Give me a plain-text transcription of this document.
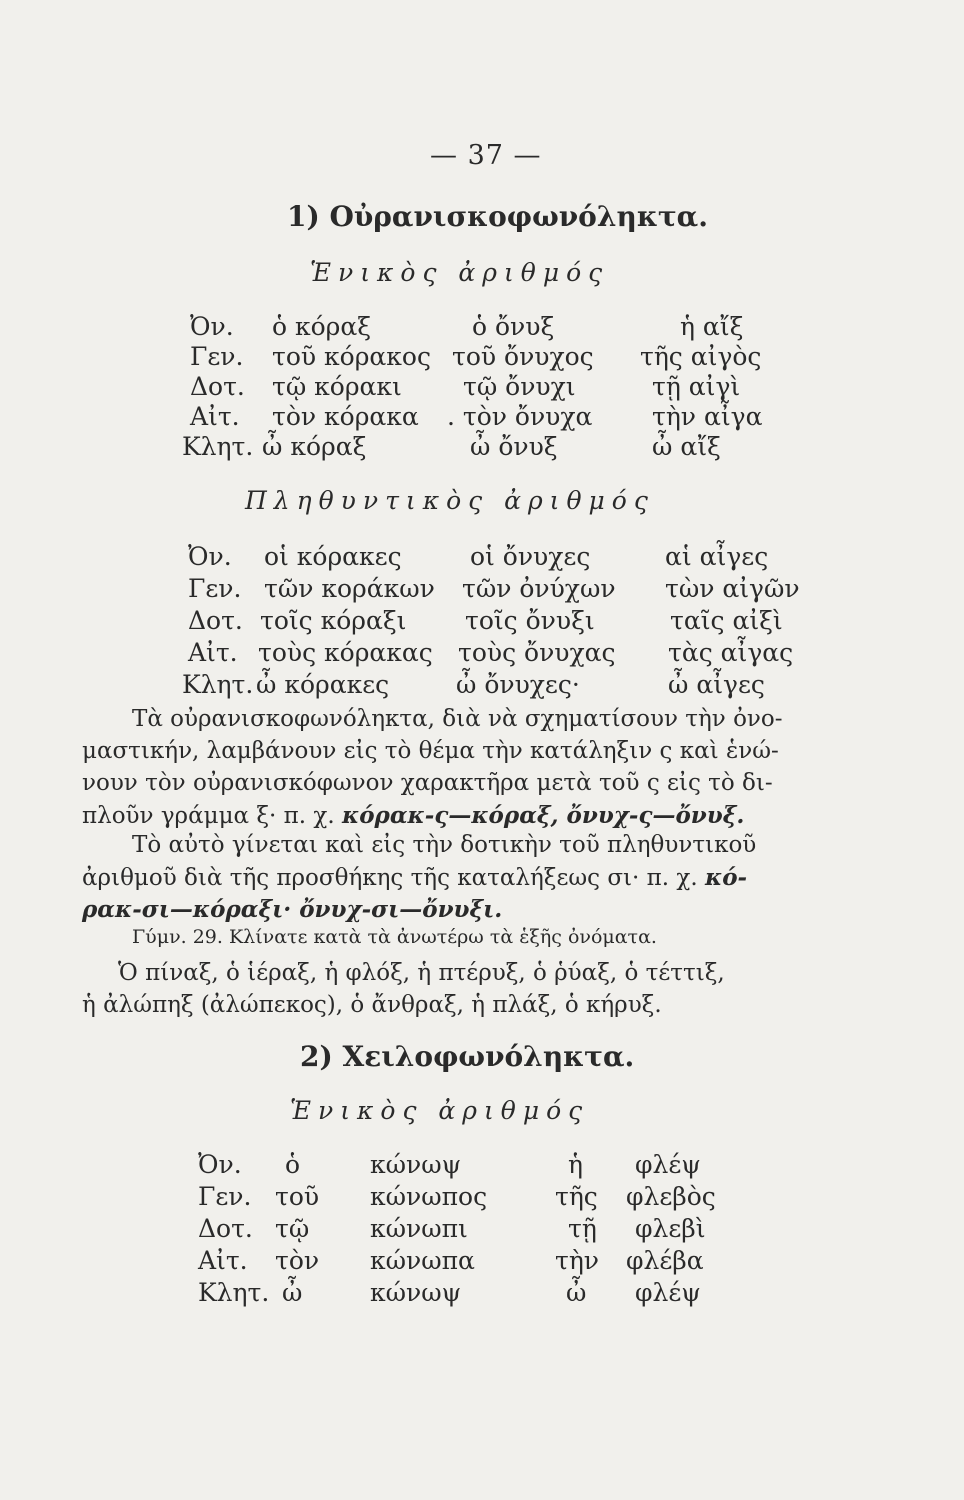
— 37 —
1) Οὐρανισκοφωνόληκτα.
Ἑνικὸς ἀριθμός
Ὀν. ὁ κόραξ	ὁ ὄνυξ	ἡ αἴξ
Γεν. τοῦ κόρακος τοῦ ὄνυχος τῆς αἰγὸς
Δοτ. τῷ κόρακι τῷ ὄνυχι	τῇ αἰγὶ
Αἰτ. τὸν κόρακα . τὸν ὄνυχα τὴν αἶγα
Κλητ. ὦ κόραξ	ὦ ὄνυξ	ὦ αἴξ
Πληθυντικὸς ἀριθμός
Ὀν. οἱ κόρακες	οἱ ὄνυχες	αἱ αἶγες
Γεν. τῶν κοράκων τῶν ὀνύχων τὼν αἰγῶν
Δοτ. τοῖς κόραξι τοῖς ὄνυξι	ταῖς αἰξὶ
Αἰτ. τοὺς κόρακας τοὺς ὄνυχας τὰς αἶγας
Κλητ. ὦ κόρακες	ὦ ὄνυχες·	ὦ αἶγες
Τὰ οὐρανισκοφωνόληκτα, διὰ νὰ σχηματίσουν τὴν ὀνο-
μαστικήν, λαμβάνουν εἰς τὸ θέμα τὴν κατάληξιν ς καὶ ἑνώ-
νουν τὸν οὐρανισκόφωνον χαρακτῆρα μετὰ τοῦ ς εἰς τὸ δι-
πλοῦν γράμμα ξ· π. χ. κόρακ-ς—κόραξ, ὄνυχ-ς—ὄνυξ.
Τὸ αὐτὸ γίνεται καὶ εἰς τὴν δοτικὴν τοῦ πληθυντικοῦ
ἀριθμοῦ διὰ τῆς προσθήκης τῆς καταλήξεως σι· π. χ. κό-
ρακ-σι—κόραξι· ὄνυχ-σι—ὄνυξι.
Γύμν. 29. Κλίνατε κατὰ τὰ ἀνωτέρω τὰ ἑξῆς ὀνόματα.
Ὁ πίναξ, ὁ ἱέραξ, ἡ φλόξ, ἡ πτέρυξ, ὁ ῥύαξ, ὁ τέττιξ,
ἡ ἀλώπηξ (ἀλώπεκος), ὁ ἄνθραξ, ἡ πλάξ, ὁ κήρυξ.
2) Χειλοφωνόληκτα.
Ἑνικὸς ἀριθμός
Ὀν. ὁ	κώνωψ	ἡ φλέψ
Γεν. τοῦ κώνωπος	τῆς φλεβὸς
Δοτ. τῷ κώνωπι	τῇ φλεβὶ
Αἰτ. τὸν κώνωπα	τὴν φλέβα
Κλητ. ὦ	κώνωψ	ὦ φλέψ
